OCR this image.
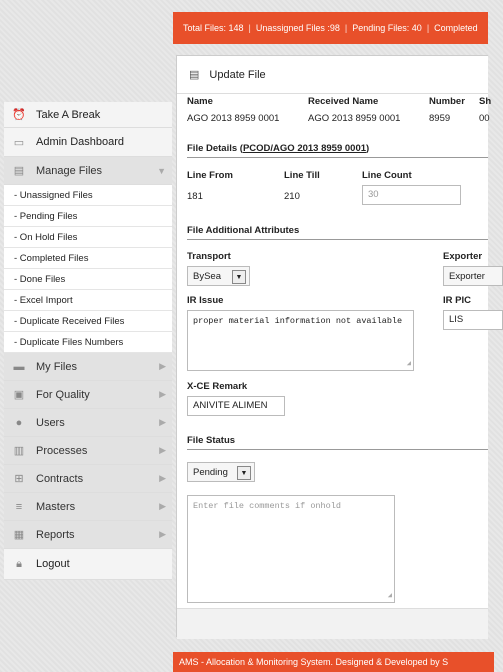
Total Files: 148 | Unassigned Files :98 | Pending Files: 40 | Completed
⏰ Take A Break
▭ Admin Dashboard
▤ Manage Files	▼
- Unassigned Files
- Pending Files
- On Hold Files
- Completed Files
- Done Files
- Excel Import
- Duplicate Received Files
- Duplicate Files Numbers
▬ My Files	▶
▣ For Quality	▶
●	Users	▶
▥ Processes	▶
⊞ Contracts	▶
≡	Masters	▶
▦ Reports	▶
🔒︎	Logout
▤ Update File
Name	Received Name	Number Sh
AGO 2013 8959 0001	AGO 2013 8959 0001	8959	00
File Details (PCOD/AGO 2013 8959 0001)
Line From	Line Till	Line Count
181	210	30
File Additional Attributes
Transport
BySea	▼
Exporter
Exporter
IR Issue
proper material information not available
◢
IR PIC
LIS
X-CE Remark
ANIVITE ALIMEN
File Status
Pending	▼
Enter file comments if onhold
◢
AMS - Allocation & Monitoring System. Designed & Developed by S
